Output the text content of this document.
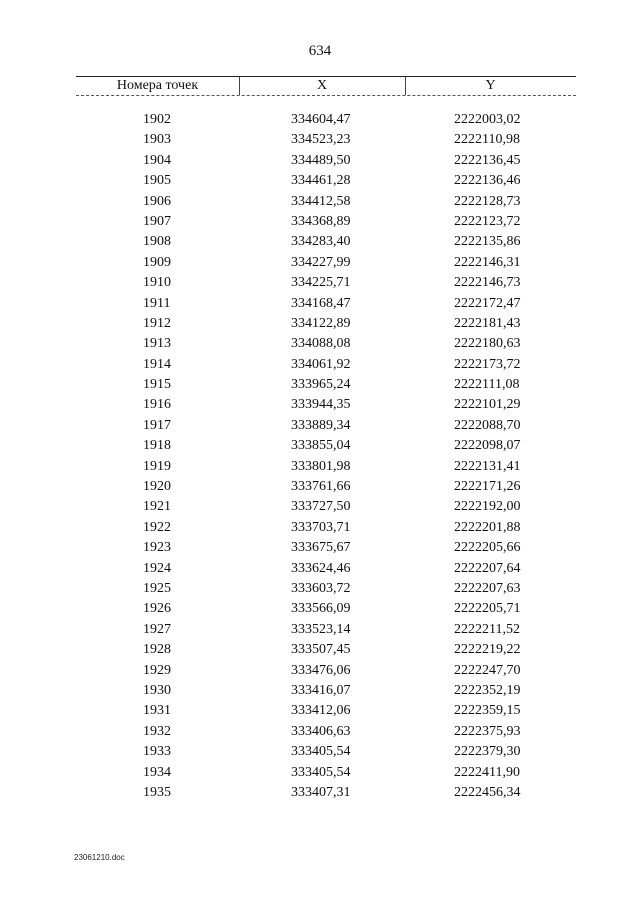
634
Номера точек	X	Y
1902	334604,47	2222003,02
1903	334523,23	2222110,98
1904	334489,50	2222136,45
1905	334461,28	2222136,46
1906	334412,58	2222128,73
1907	334368,89	2222123,72
1908	334283,40	2222135,86
1909	334227,99	2222146,31
1910	334225,71	2222146,73
1911	334168,47	2222172,47
1912	334122,89	2222181,43
1913	334088,08	2222180,63
1914	334061,92	2222173,72
1915	333965,24	2222111,08
1916	333944,35	2222101,29
1917	333889,34	2222088,70
1918	333855,04	2222098,07
1919	333801,98	2222131,41
1920	333761,66	2222171,26
1921	333727,50	2222192,00
1922	333703,71	2222201,88
1923	333675,67	2222205,66
1924	333624,46	2222207,64
1925	333603,72	2222207,63
1926	333566,09	2222205,71
1927	333523,14	2222211,52
1928	333507,45	2222219,22
1929	333476,06	2222247,70
1930	333416,07	2222352,19
1931	333412,06	2222359,15
1932	333406,63	2222375,93
1933	333405,54	2222379,30
1934	333405,54	2222411,90
1935	333407,31	2222456,34
23061210.doc
